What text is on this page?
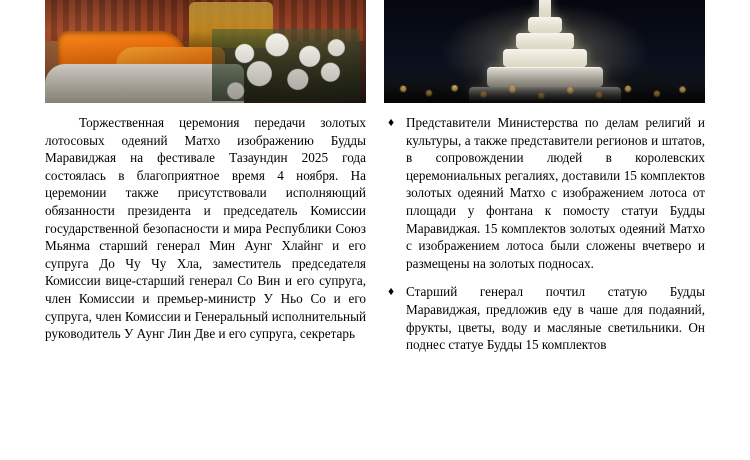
Торжественная церемония передачи золотых лотосовых одеяний Матхо изображению Будды Маравиджая на фестивале Тазаундин 2025 года состоялась в благоприятное время 4 ноября. На церемонии также присутствовали исполняющий обязанности президента и председатель Комиссии государственной безопасности и мира Республики Союз Мьянма старший генерал Мин Аунг Хлайнг и его супруга До Чу Чу Хла, заместитель председателя Комиссии вице-старший генерал Со Вин и его супруга, член Комиссии и премьер-министр У Ньо Со и его супруга, член Комиссии и Генеральный исполнительный руководитель У Аунг Лин Две и его супруга, секретарь

♦ Представители Министерства по делам религий и культуры, а также представители регионов и штатов, в сопровождении людей в королевских церемониальных регалиях, доставили 15 комплектов золотых одеяний Матхо с изображением лотоса от площади у фонтана к помосту статуи Будды Маравиджая. 15 комплектов золотых одеяний Матхо с изображением лотоса были сложены вчетверо и размещены на золотых подносах.
♦ Старший генерал почтил статую Будды Маравиджая, предложив еду в чаше для подаяний, фрукты, цветы, воду и масляные светильники. Он поднес статуе Будды 15 комплектов
